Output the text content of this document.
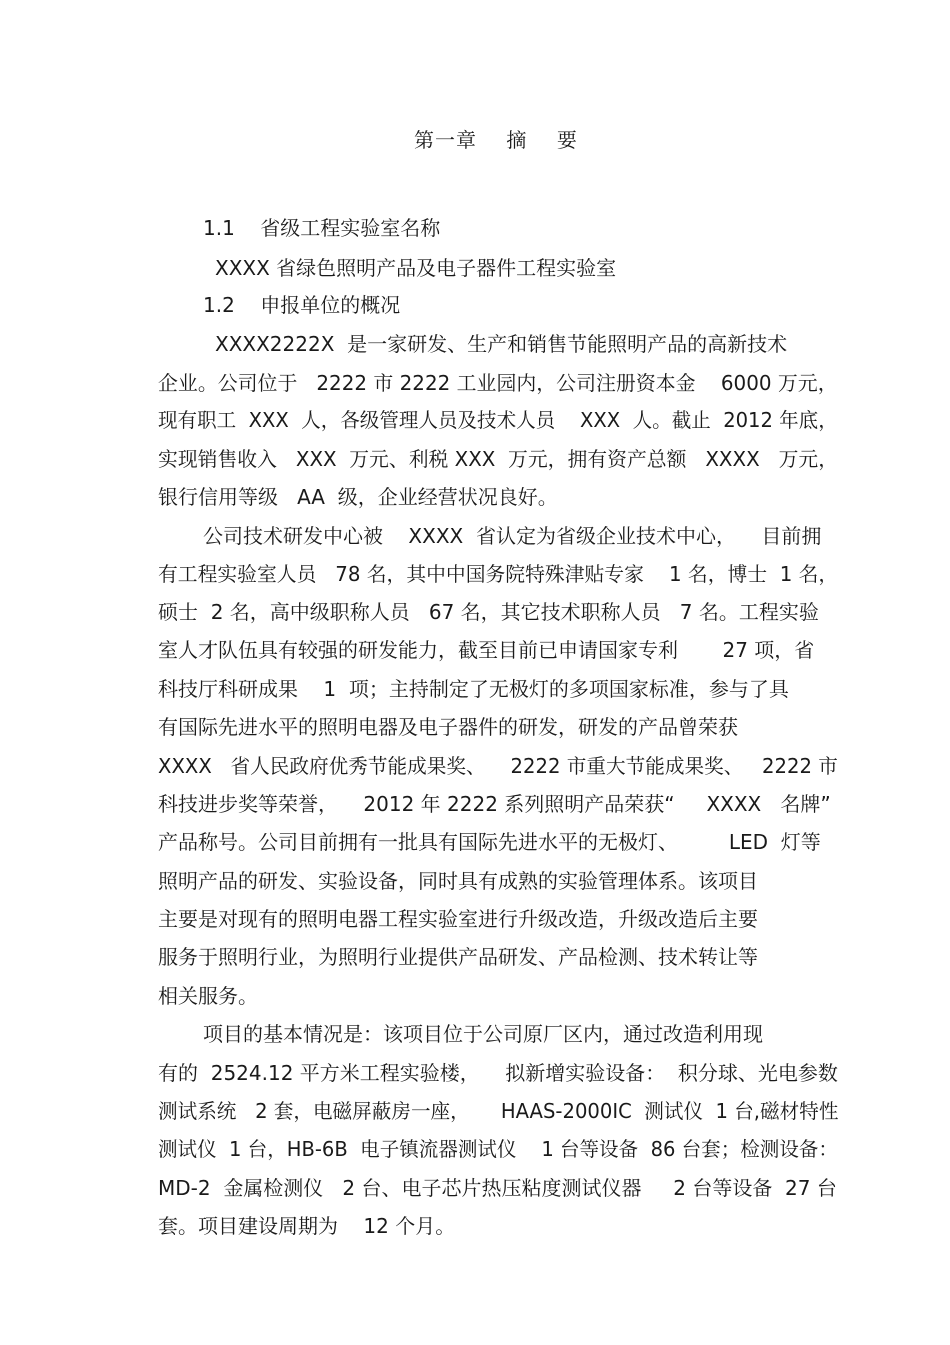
第一章    摘    要
1.1    省级工程实验室名称
XXXX 省绿色照明产品及电子器件工程实验室
1.2    申报单位的概况
XXXX2222X  是一家研发、生产和销售节能照明产品的高新技术
企业。公司位于   2222 市 2222 工业园内，公司注册资本金    6000 万元，
现有职工  XXX  人，各级管理人员及技术人员    XXX  人。截止  2012 年底，
实现销售收入   XXX  万元、利税 XXX  万元，拥有资产总额   XXXX   万元，
银行信用等级   AA  级，企业经营状况良好。
公司技术研发中心被    XXXX  省认定为省级企业技术中心，    目前拥
有工程实验室人员   78 名，其中中国务院特殊津贴专家    1 名，博士  1 名，
硕士  2 名，高中级职称人员   67 名，其它技术职称人员   7 名。工程实验
室人才队伍具有较强的研发能力，截至目前已申请国家专利       27 项，省
科技厅科研成果    1  项；主持制定了无极灯的多项国家标准，参与了具
有国际先进水平的照明电器及电子器件的研发，研发的产品曾荣获
XXXX   省人民政府优秀节能成果奖、    2222 市重大节能成果奖、   2222 市
科技进步奖等荣誉，    2012 年 2222 系列照明产品荣获“     XXXX   名牌”
产品称号。公司目前拥有一批具有国际先进水平的无极灯、        LED  灯等
照明产品的研发、实验设备，同时具有成熟的实验管理体系。该项目
主要是对现有的照明电器工程实验室进行升级改造，升级改造后主要
服务于照明行业，为照明行业提供产品研发、产品检测、技术转让等
相关服务。
项目的基本情况是：该项目位于公司原厂区内，通过改造利用现
有的  2524.12 平方米工程实验楼，    拟新增实验设备：  积分球、光电参数
测试系统   2 套，电磁屏蔽房一座，     HAAS-2000IC  测试仪  1 台,磁材特性
测试仪  1 台，HB-6B  电子镇流器测试仪    1 台等设备  86 台套；检测设备：
MD-2  金属检测仪   2 台、电子芯片热压粘度测试仪器     2 台等设备  27 台
套。项目建设周期为    12 个月。
